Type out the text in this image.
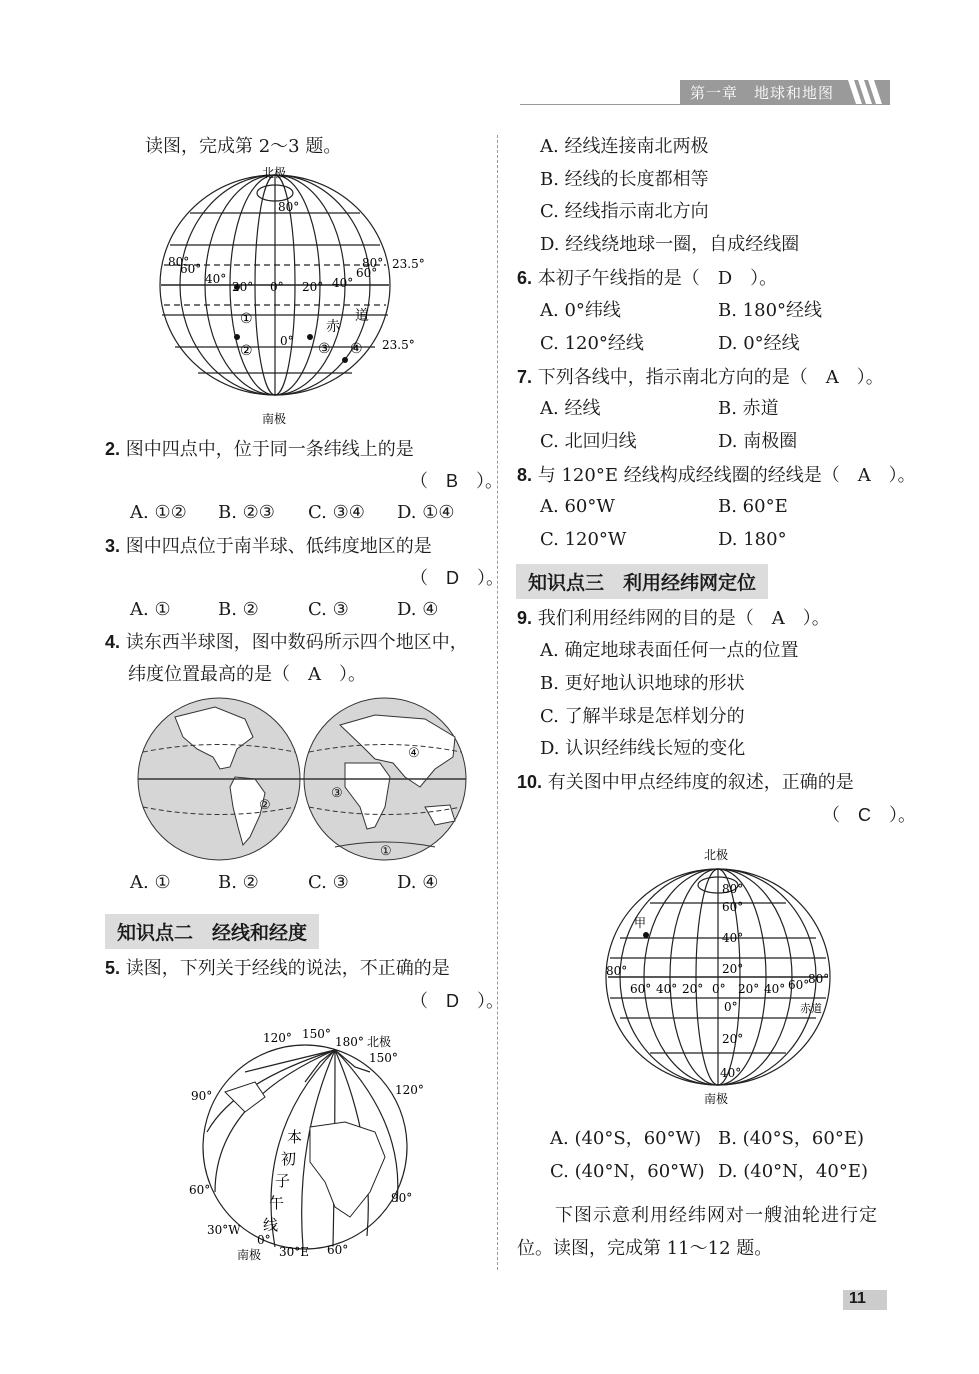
第一章　地球和地图
读图，完成第 2～3 题。
北极
南极
80°
80°
60°
40°
20° 0° 20° 40°
60°
80° 23.5°
23.5°
0°
赤
道
①
②	③ ④
2. 图中四点中，位于同一条纬线上的是
（　B　）。
A. ①② B. ②③ C. ③④ D. ①④
3. 图中四点位于南半球、低纬度地区的是
（　D　）。
A. ①	B. ②	C. ③	D. ④
4. 读东西半球图，图中数码所示四个地区中，
纬度位置最高的是（　A　）。
①
②
③
④
A. ①	B. ②	C. ③	D. ④
知识点二　经线和经度
5. 读图，下列关于经线的说法，不正确的是
（　D　）。
120° 150°
180° 北极
150°
90°	120°
60°
90°
30°W
0°
南极 30°E 60°
本
初
子
午
线
A. 经线连接南北两极
B. 经线的长度都相等
C. 经线指示南北方向
D. 经线绕地球一圈，自成经线圈
6. 本初子午线指的是（　D　）。
A. 0°纬线	B. 180°经线
C. 120°经线	D. 0°经线
7. 下列各线中，指示南北方向的是（　A　）。
A. 经线	B. 赤道
C. 北回归线	D. 南极圈
8. 与 120°E 经线构成经线圈的经线是（　A　）。
A. 60°W	B. 60°E
C. 120°W	D. 180°
知识点三　利用经纬网定位
9. 我们利用经纬网的目的是（　A　）。
A. 确定地球表面任何一点的位置
B. 更好地认识地球的形状
C. 了解半球是怎样划分的
D. 认识经纬线长短的变化
10. 有关图中甲点经纬度的叙述，正确的是
（　C　）。
北极
南极
甲
赤道
80°
60°
40°
20°
0°
20°
40°
80°
60° 40° 20° 0° 20° 40° 60°
80°
A. (40°S，60°W) B. (40°S，60°E)
C. (40°N，60°W) D. (40°N，40°E)
下图示意利用经纬网对一艘油轮进行定
位。读图，完成第 11～12 题。
11
